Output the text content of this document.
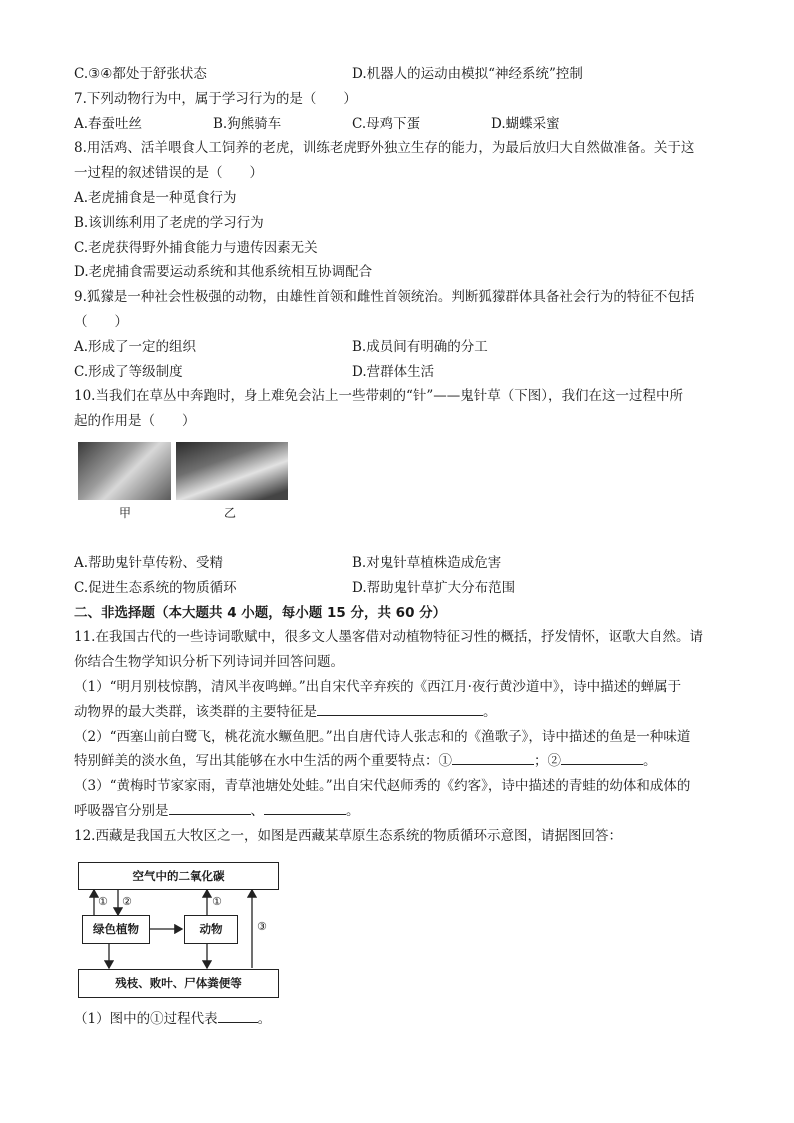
C.③④都处于舒张状态	D.机器人的运动由模拟“神经系统”控制
7.下列动物行为中，属于学习行为的是（　　）
A.春蚕吐丝	B.狗熊骑车	C.母鸡下蛋	D.蝴蝶采蜜
8.用活鸡、活羊喂食人工饲养的老虎，训练老虎野外独立生存的能力，为最后放归大自然做准备。关于这
一过程的叙述错误的是（　　）
A.老虎捕食是一种觅食行为
B.该训练利用了老虎的学习行为
C.老虎获得野外捕食能力与遗传因素无关
D.老虎捕食需要运动系统和其他系统相互协调配合
9.狐獴是一种社会性极强的动物，由雄性首领和雌性首领统治。判断狐獴群体具备社会行为的特征不包括
（　　）
A.形成了一定的组织	B.成员间有明确的分工
C.形成了等级制度	D.营群体生活
10.当我们在草丛中奔跑时，身上难免会沾上一些带刺的“针”——鬼针草（下图），我们在这一过程中所
起的作用是（　　）
甲	乙
A.帮助鬼针草传粉、受精	B.对鬼针草植株造成危害
C.促进生态系统的物质循环	D.帮助鬼针草扩大分布范围
二、非选择题（本大题共 4 小题，每小题 15 分，共 60 分）
11.在我国古代的一些诗词歌赋中，很多文人墨客借对动植物特征习性的概括，抒发情怀，讴歌大自然。请
你结合生物学知识分析下列诗词并回答问题。
（1）“明月别枝惊鹊，清风半夜鸣蝉。”出自宋代辛弃疾的《西江月·夜行黄沙道中》，诗中描述的蝉属于
动物界的最大类群，该类群的主要特征是	。
（2）“西塞山前白鹭飞，桃花流水鳜鱼肥。”出自唐代诗人张志和的《渔歌子》，诗中描述的鱼是一种味道
特别鲜美的淡水鱼，写出其能够在水中生活的两个重要特点：①	；②	。
（3）“黄梅时节家家雨，青草池塘处处蛙。”出自宋代赵师秀的《约客》，诗中描述的青蛙的幼体和成体的
呼吸器官分别是	、	。
12.西藏是我国五大牧区之一，如图是西藏某草原生态系统的物质循环示意图，请据图回答：
空气中的二氧化碳
绿色植物	动物
残枝、败叶、尸体粪便等
① ②	①
③
（1）图中的①过程代表	。
